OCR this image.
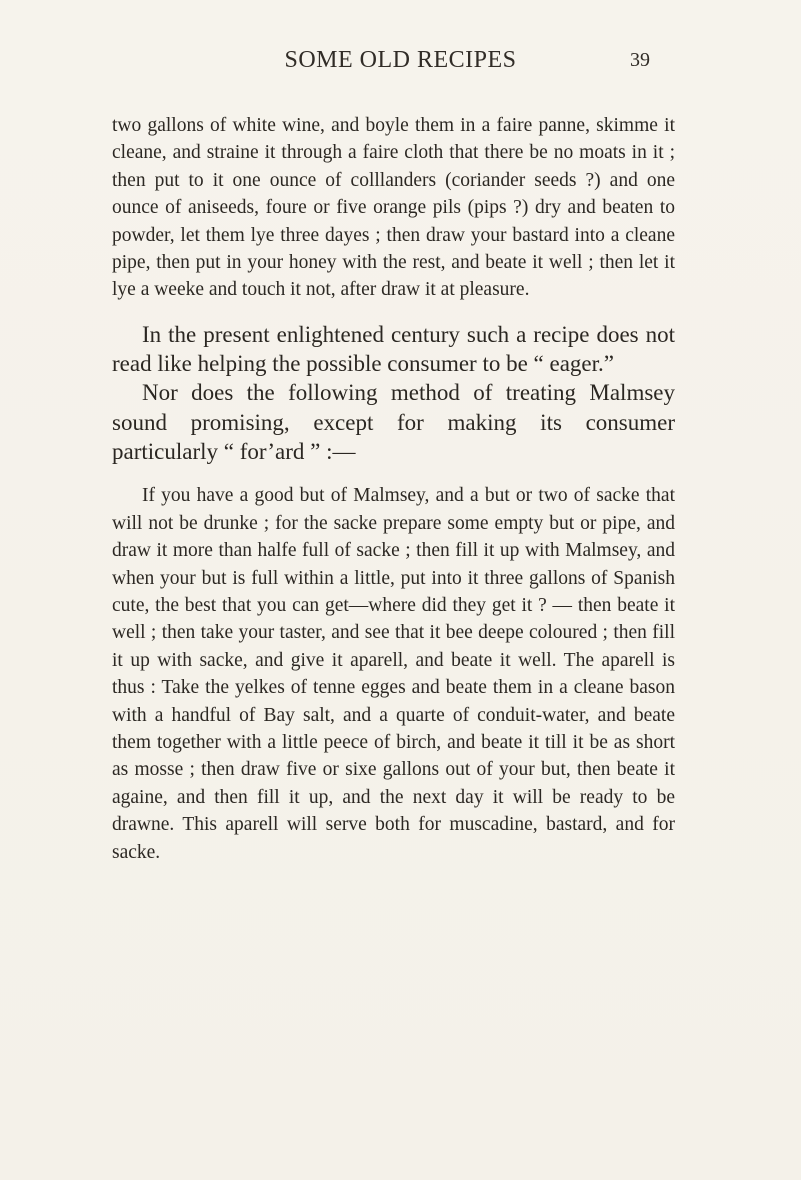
SOME OLD RECIPES	39

two gallons of white wine, and boyle them in a faire panne, skimme it cleane, and straine it through a faire cloth that there be no moats in it ; then put to it one ounce of colllanders (coriander seeds ?) and one ounce of aniseeds, foure or five orange pils (pips ?) dry and beaten to powder, let them lye three dayes ; then draw your bastard into a cleane pipe, then put in your honey with the rest, and beate it well ; then let it lye a weeke and touch it not, after draw it at pleasure.

In the present enlightened century such a recipe does not read like helping the possible consumer to be “ eager.”

Nor does the following method of treating Malmsey sound promising, except for making its consumer particularly “ for’ard ” :—

If you have a good but of Malmsey, and a but or two of sacke that will not be drunke ; for the sacke prepare some empty but or pipe, and draw it more than halfe full of sacke ; then fill it up with Malmsey, and when your but is full within a little, put into it three gallons of Spanish cute, the best that you can get—where did they get it ? — then beate it well ; then take your taster, and see that it bee deepe coloured ; then fill it up with sacke, and give it aparell, and beate it well. The aparell is thus : Take the yelkes of tenne egges and beate them in a cleane bason with a handful of Bay salt, and a quarte of conduit-water, and beate them together with a little peece of birch, and beate it till it be as short as mosse ; then draw five or sixe gallons out of your but, then beate it againe, and then fill it up, and the next day it will be ready to be drawne. This aparell will serve both for muscadine, bastard, and for sacke.
